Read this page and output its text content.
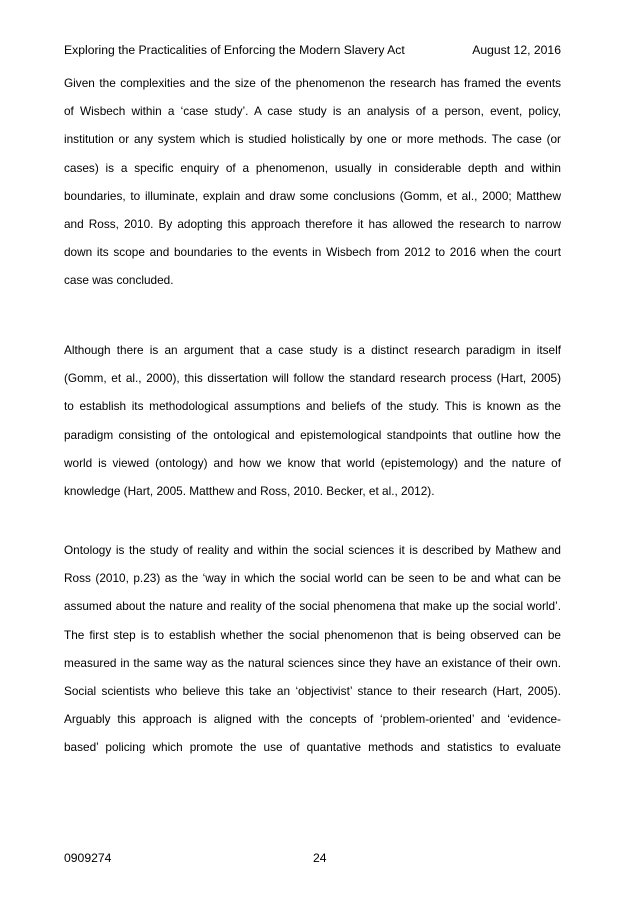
Exploring the Practicalities of Enforcing the Modern Slavery Act	August 12, 2016
Given the complexities and the size of the phenomenon the research has framed the events
of Wisbech within a ‘case study’. A case study is an analysis of a person, event, policy,
institution or any system which is studied holistically by one or more methods. The case (or
cases) is a specific enquiry of a phenomenon, usually in considerable depth and within
boundaries, to illuminate, explain and draw some conclusions (Gomm, et al., 2000; Matthew
and Ross, 2010. By adopting this approach therefore it has allowed the research to narrow
down its scope and boundaries to the events in Wisbech from 2012 to 2016 when the court
case was concluded.
Although there is an argument that a case study is a distinct research paradigm in itself
(Gomm, et al., 2000), this dissertation will follow the standard research process (Hart, 2005)
to establish its methodological assumptions and beliefs of the study. This is known as the
paradigm consisting of the ontological and epistemological standpoints that outline how the
world is viewed (ontology) and how we know that world (epistemology) and the nature of
knowledge (Hart, 2005. Matthew and Ross, 2010. Becker, et al., 2012).
Ontology is the study of reality and within the social sciences it is described by Mathew and
Ross (2010, p.23) as the ‘way in which the social world can be seen to be and what can be
assumed about the nature and reality of the social phenomena that make up the social world’.
The first step is to establish whether the social phenomenon that is being observed can be
measured in the same way as the natural sciences since they have an existance of their own.
Social scientists who believe this take an ‘objectivist’ stance to their research (Hart, 2005).
Arguably this approach is aligned with the concepts of ‘problem-oriented’ and ‘evidence-
based’ policing which promote the use of quantative methods and statistics to evaluate
0909274	24
